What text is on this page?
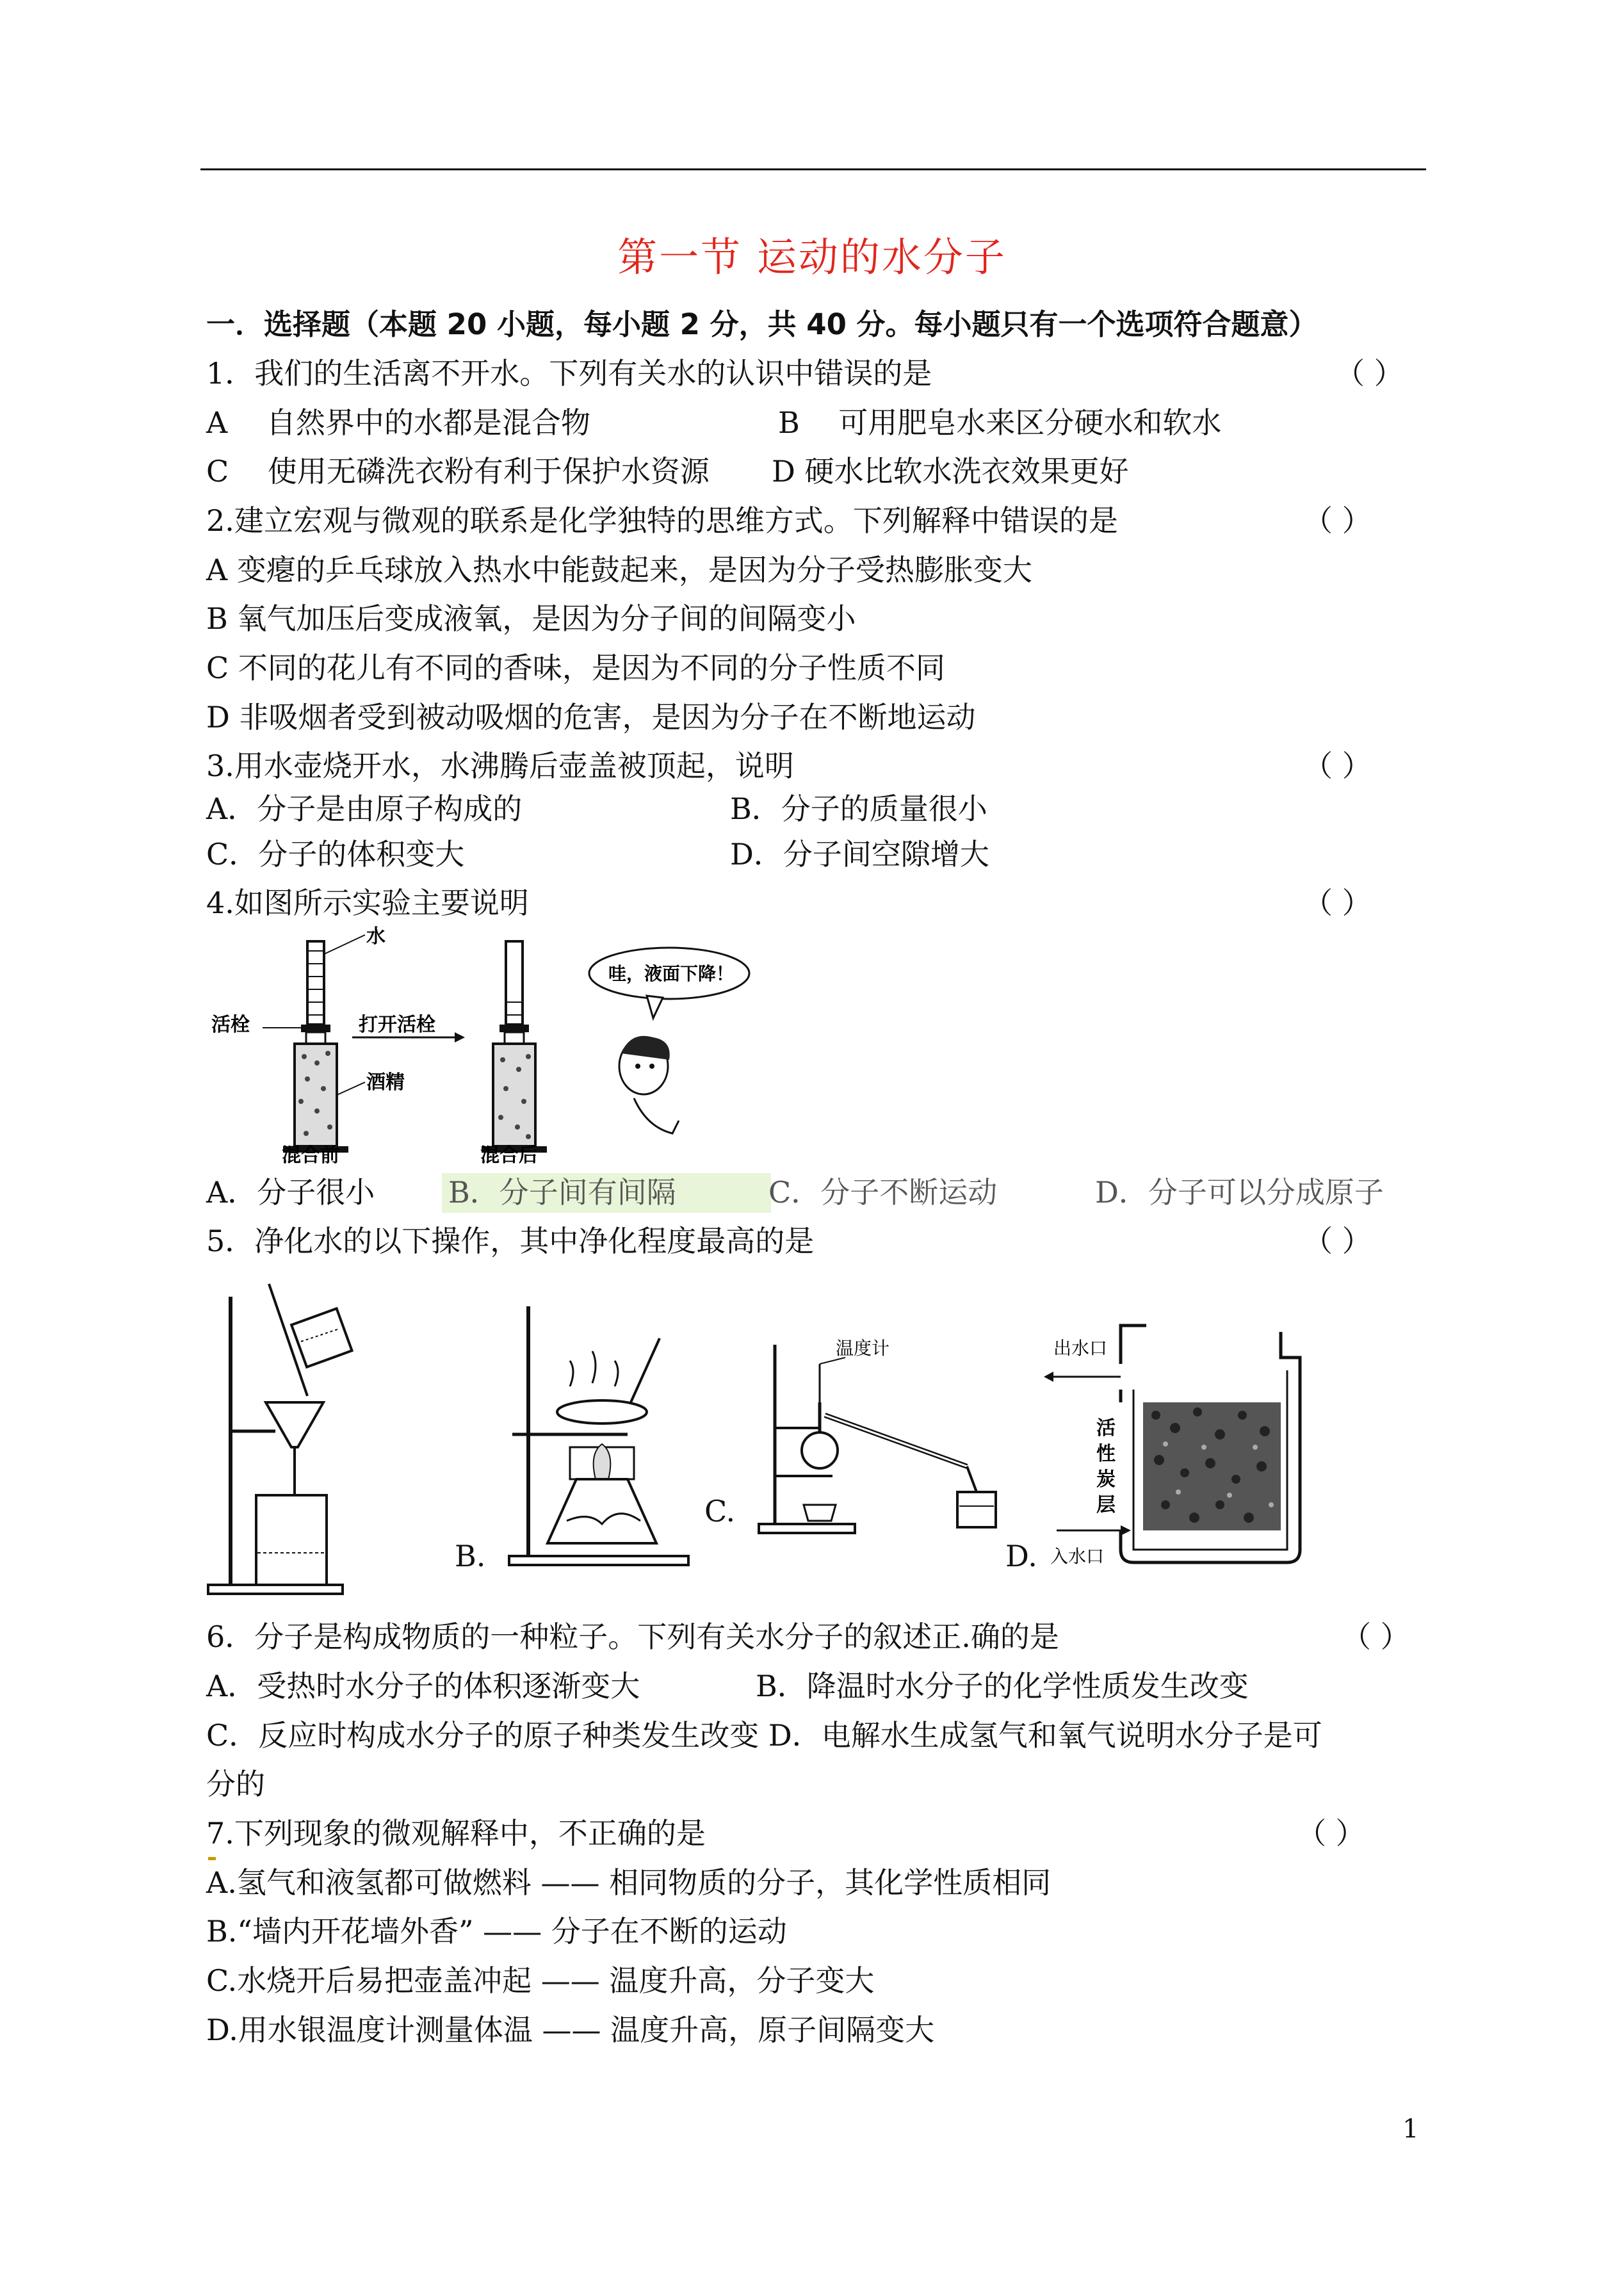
第一节 运动的水分子
一．选择题（本题 20 小题，每小题 2 分，共 40 分。每小题只有一个选项符合题意）
1．我们的生活离不开水。下列有关水的认识中错误的是	（ ）
A　 自然界中的水都是混合物	B　 可用肥皂水来区分硬水和软水
C　 使用无磷洗衣粉有利于保护水资源 D 硬水比软水洗衣效果更好
2.建立宏观与微观的联系是化学独特的思维方式。下列解释中错误的是	（ ）
A 变瘪的乒乓球放入热水中能鼓起来，是因为分子受热膨胀变大
B 氧气加压后变成液氧，是因为分子间的间隔变小
C 不同的花儿有不同的香味，是因为不同的分子性质不同
D 非吸烟者受到被动吸烟的危害，是因为分子在不断地运动
3.用水壶烧开水，水沸腾后壶盖被顶起，说明	（ ）
A．分子是由原子构成的	B．分子的质量很小
C．分子的体积变大	D．分子间空隙增大
4.如图所示实验主要说明	（ ）
水
活栓
酒精
混合前
打开活栓
混合后
哇，液面下降！
A．分子很小 B．分子间有间隔	C．分子不断运动	D．分子可以分成原子
5．净化水的以下操作，其中净化程度最高的是	（ ）
B.
C.
温度计
D.
出水口
活
性
炭
层
入水口
6．分子是构成物质的一种粒子。下列有关水分子的叙述正.确的是	（ ）
A．受热时水分子的体积逐渐变大	B．降温时水分子的化学性质发生改变
C．反应时构成水分子的原子种类发生改变 D．电解水生成氢气和氧气说明水分子是可
分的
7.下列现象的微观解释中，不正确的是	（ ）
A.氢气和液氢都可做燃料 —— 相同物质的分子，其化学性质相同
B.“墙内开花墙外香” —— 分子在不断的运动
C.水烧开后易把壶盖冲起 —— 温度升高，分子变大
D.用水银温度计测量体温 —— 温度升高，原子间隔变大
1
